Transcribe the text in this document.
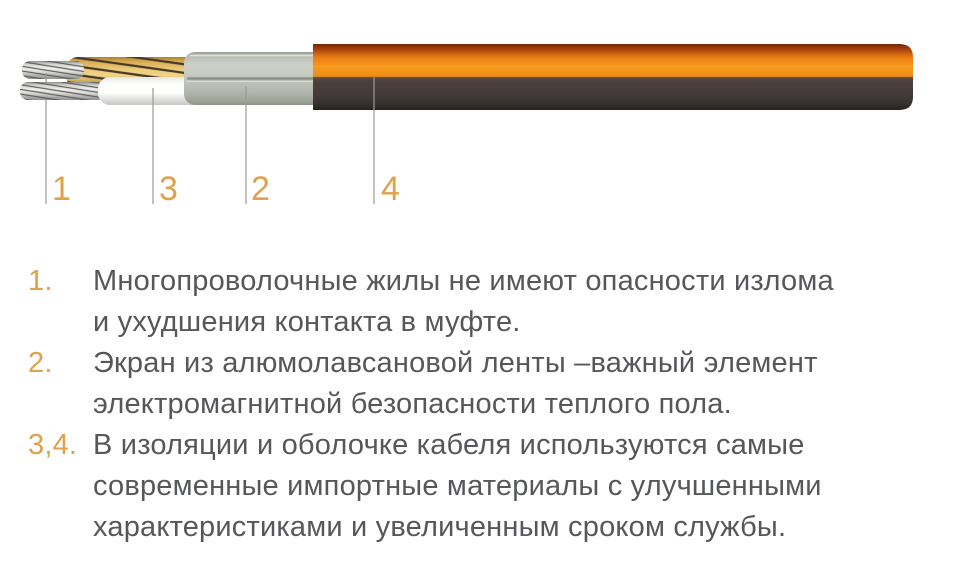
1	3 2	4
1.	Многопроволочные жилы не имеют опасности излома
и ухудшения контакта в муфте.
2.	Экран из алюмолавсановой ленты –важный элемент
электромагнитной безопасности теплого пола.
3,4. В изоляции и оболочке кабеля используются самые
современные импортные материалы с улучшенными
характеристиками и увеличенным сроком службы.
